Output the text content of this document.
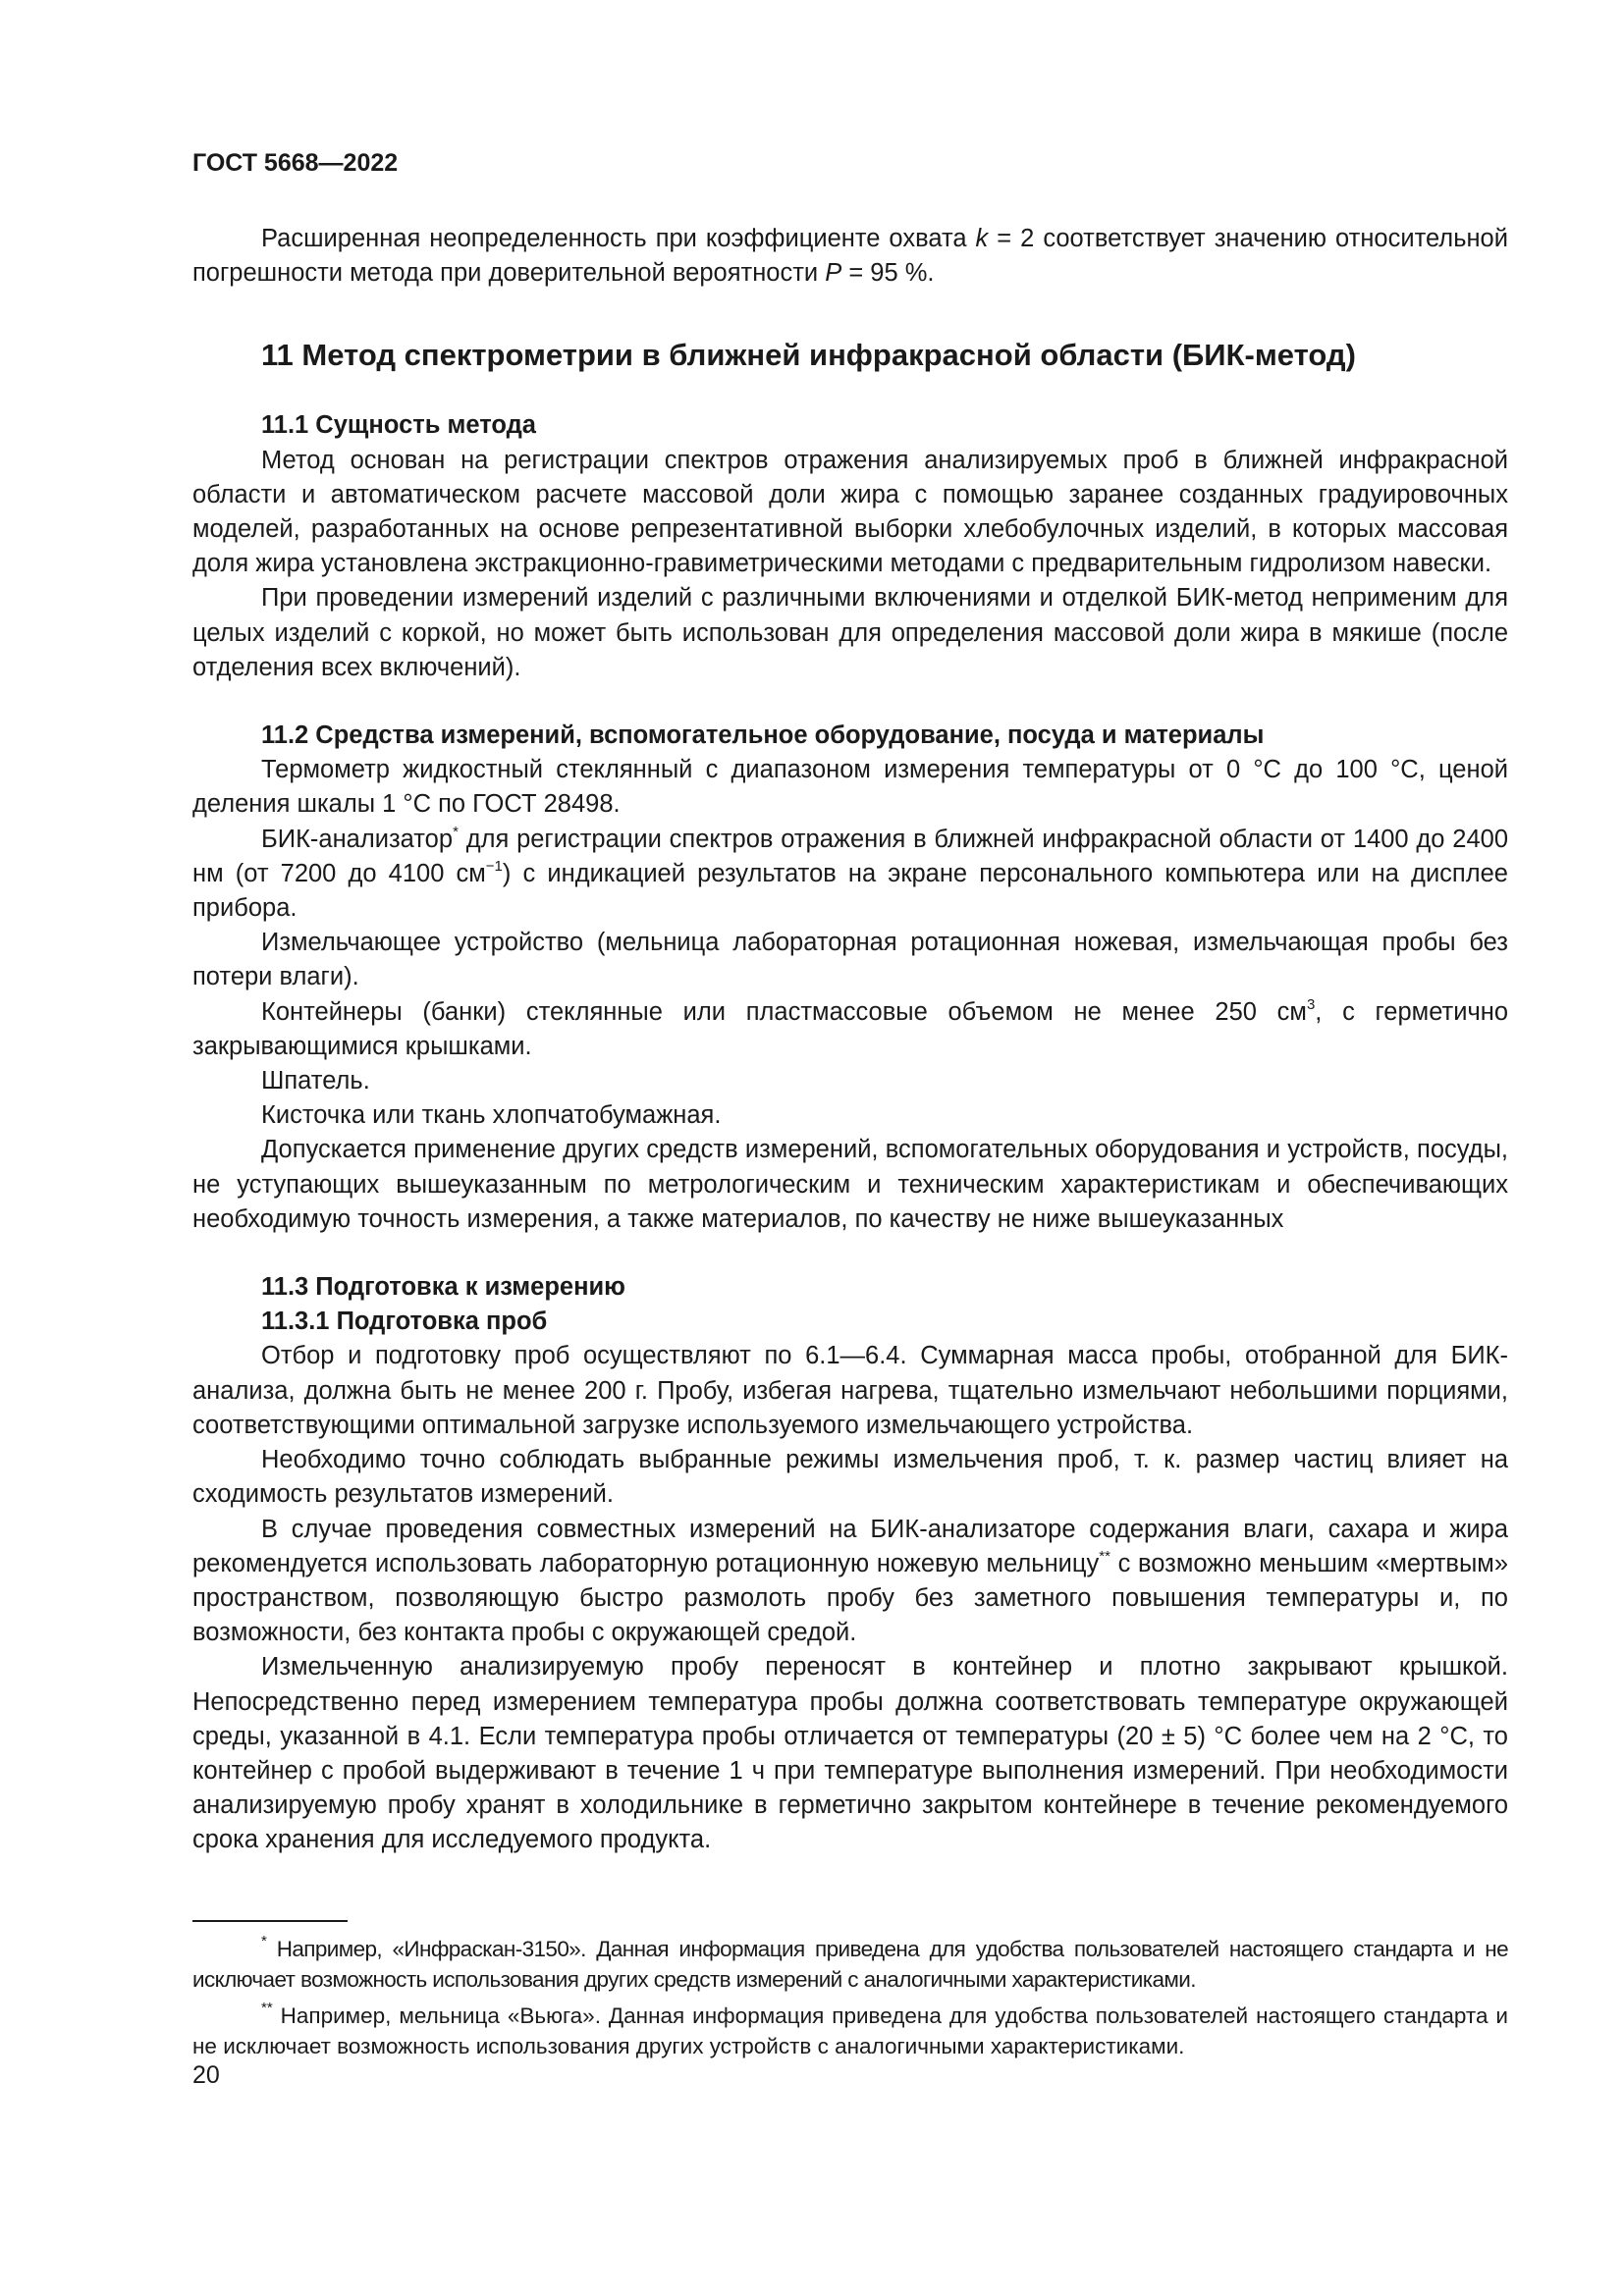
ГОСТ 5668—2022

Расширенная неопределенность при коэффициенте охвата k = 2 соответствует значению относительной погрешности метода при доверительной вероятности P = 95 %.

11 Метод спектрометрии в ближней инфракрасной области (БИК-метод)
11.1 Сущность метода

Метод основан на регистрации спектров отражения анализируемых проб в ближней инфракрасной области и автоматическом расчете массовой доли жира с помощью заранее созданных градуировочных моделей, разработанных на основе репрезентативной выборки хлебобулочных изделий, в которых массовая доля жира установлена экстракционно-гравиметрическими методами с предварительным гидролизом навески.

При проведении измерений изделий с различными включениями и отделкой БИК-метод неприменим для целых изделий с коркой, но может быть использован для определения массовой доли жира в мякише (после отделения всех включений).

11.2 Средства измерений, вспомогательное оборудование, посуда и материалы

Термометр жидкостный стеклянный с диапазоном измерения температуры от 0 °С до 100 °С, ценой деления шкалы 1 °С по ГОСТ 28498.

БИК-анализатор* для регистрации спектров отражения в ближней инфракрасной области от 1400 до 2400 нм (от 7200 до 4100 $см^{-1}$) с индикацией результатов на экране персонального компьютера или на дисплее прибора.

Измельчающее устройство (мельница лабораторная ротационная ножевая, измельчающая пробы без потери влаги).

Контейнеры (банки) стеклянные или пластмассовые объемом не менее 250 $см^3$, с герметично закрывающимися крышками.

Шпатель.

Кисточка или ткань хлопчатобумажная.

Допускается применение других средств измерений, вспомогательных оборудования и устройств, посуды, не уступающих вышеуказанным по метрологическим и техническим характеристикам и обеспечивающих необходимую точность измерения, а также материалов, по качеству не ниже вышеуказанных

11.3 Подготовка к измерению
11.3.1 Подготовка проб

Отбор и подготовку проб осуществляют по 6.1—6.4. Суммарная масса пробы, отобранной для БИК-анализа, должна быть не менее 200 г. Пробу, избегая нагрева, тщательно измельчают небольшими порциями, соответствующими оптимальной загрузке используемого измельчающего устройства.

Необходимо точно соблюдать выбранные режимы измельчения проб, т. к. размер частиц влияет на сходимость результатов измерений.

В случае проведения совместных измерений на БИК-анализаторе содержания влаги, сахара и жира рекомендуется использовать лабораторную ротационную ножевую мельницу** с возможно меньшим «мертвым» пространством, позволяющую быстро размолоть пробу без заметного повышения температуры и, по возможности, без контакта пробы с окружающей средой.

Измельченную анализируемую пробу переносят в контейнер и плотно закрывают крышкой. Непосредственно перед измерением температура пробы должна соответствовать температуре окружающей среды, указанной в 4.1. Если температура пробы отличается от температуры (20 ± 5) °С более чем на 2 °С, то контейнер с пробой выдерживают в течение 1 ч при температуре выполнения измерений. При необходимости анализируемую пробу хранят в холодильнике в герметично закрытом контейнере в течение рекомендуемого срока хранения для исследуемого продукта.

* Например, «Инфраскан-3150». Данная информация приведена для удобства пользователей настоящего стандарта и не исключает возможность использования других средств измерений с аналогичными характеристиками.

** Например, мельница «Вьюга». Данная информация приведена для удобства пользователей настоящего стандарта и не исключает возможность использования других устройств с аналогичными характеристиками.

20
